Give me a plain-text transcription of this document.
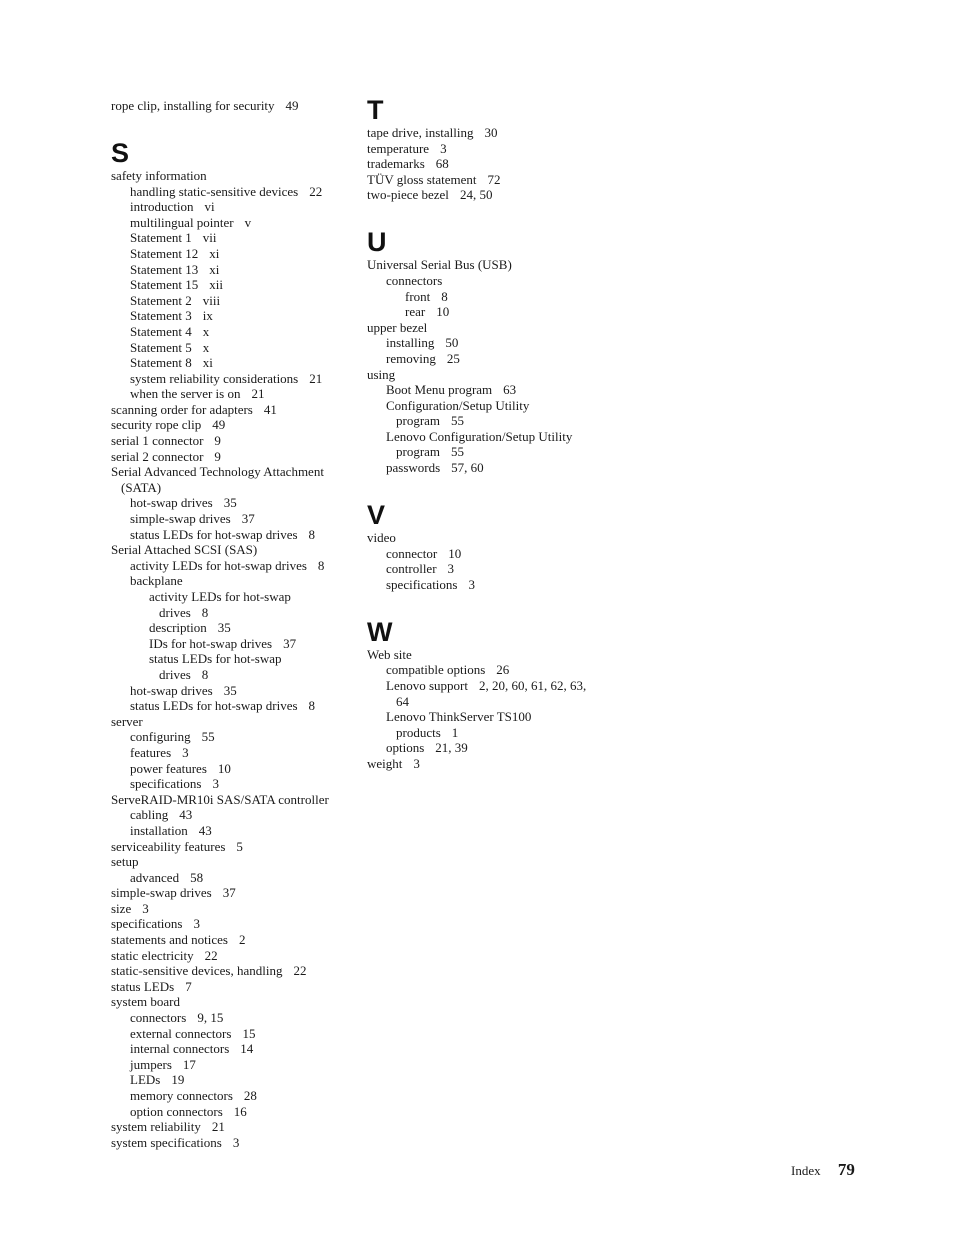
rope clip, installing for security 49
S
safety information
handling static-sensitive devices 22
introduction vi
multilingual pointer v
Statement 1 vii
Statement 12 xi
Statement 13 xi
Statement 15 xii
Statement 2 viii
Statement 3 ix
Statement 4 x
Statement 5 x
Statement 8 xi
system reliability considerations 21
when the server is on 21
scanning order for adapters 41
security rope clip 49
serial 1 connector 9
serial 2 connector 9
Serial Advanced Technology Attachment
(SATA)
hot-swap drives 35
simple-swap drives 37
status LEDs for hot-swap drives 8
Serial Attached SCSI (SAS)
activity LEDs for hot-swap drives 8
backplane
activity LEDs for hot-swap
drives 8
description 35
IDs for hot-swap drives 37
status LEDs for hot-swap
drives 8
hot-swap drives 35
status LEDs for hot-swap drives 8
server
configuring 55
features 3
power features 10
specifications 3
ServeRAID-MR10i SAS/SATA controller
cabling 43
installation 43
serviceability features 5
setup
advanced 58
simple-swap drives 37
size 3
specifications 3
statements and notices 2
static electricity 22
static-sensitive devices, handling 22
status LEDs 7
system board
connectors 9, 15
external connectors 15
internal connectors 14
jumpers 17
LEDs 19
memory connectors 28
option connectors 16
system reliability 21
system specifications 3
T
tape drive, installing 30
temperature 3
trademarks 68
TÜV gloss statement 72
two-piece bezel 24, 50
U
Universal Serial Bus (USB)
connectors
front 8
rear 10
upper bezel
installing 50
removing 25
using
Boot Menu program 63
Configuration/Setup Utility
program 55
Lenovo Configuration/Setup Utility
program 55
passwords 57, 60
V
video
connector 10
controller 3
specifications 3
W
Web site
compatible options 26
Lenovo support 2, 20, 60, 61, 62, 63,
64
Lenovo ThinkServer TS100
products 1
options 21, 39
weight 3
Index 79
